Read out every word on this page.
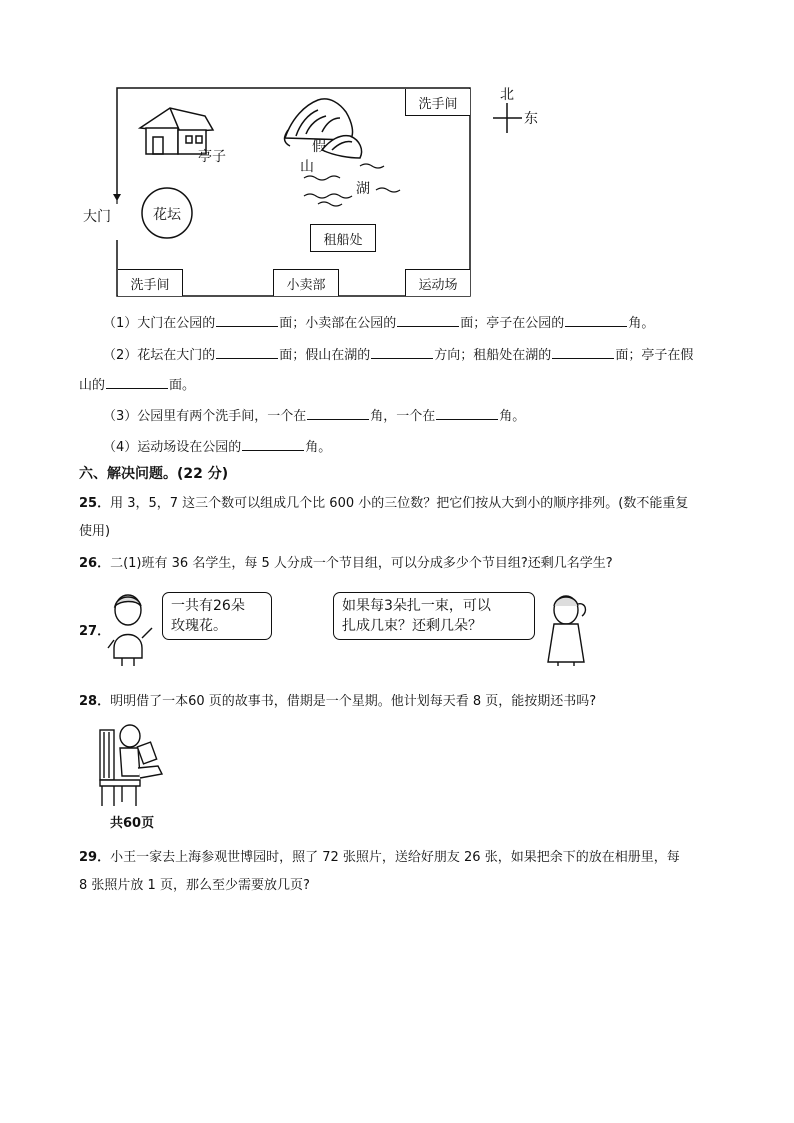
洗手间
洗手间	小卖部	运动场
租船处
花坛
大门
亭子
假
山
湖
北
东
（1）大门在公园的	面；小卖部在公园的	面；亭子在公园的	角。
（2）花坛在大门的	面；假山在湖的	方向；租船处在湖的	面；亭子在假
山的	面。
（3）公园里有两个洗手间，一个在	角，一个在	角。
（4）运动场设在公园的	角。
六、解决问题。(22 分)
25．用 3，5，7 这三个数可以组成几个比 600 小的三位数？把它们按从大到小的顺序排列。(数不能重复
使用)
26．二(1)班有 36 名学生，每 5 人分成一个节目组，可以分成多少个节目组?还剩几名学生?
27．
一共有26朵
玫瑰花。
如果每3朵扎一束，可以
扎成几束？还剩几朵？
28．明明借了一本60 页的故事书，借期是一个星期。他计划每天看 8 页，能按期还书吗?
共60页
29．小王一家去上海参观世博园时，照了 72 张照片，送给好朋友 26 张，如果把余下的放在相册里，每
8 张照片放 1 页，那么至少需要放几页?
